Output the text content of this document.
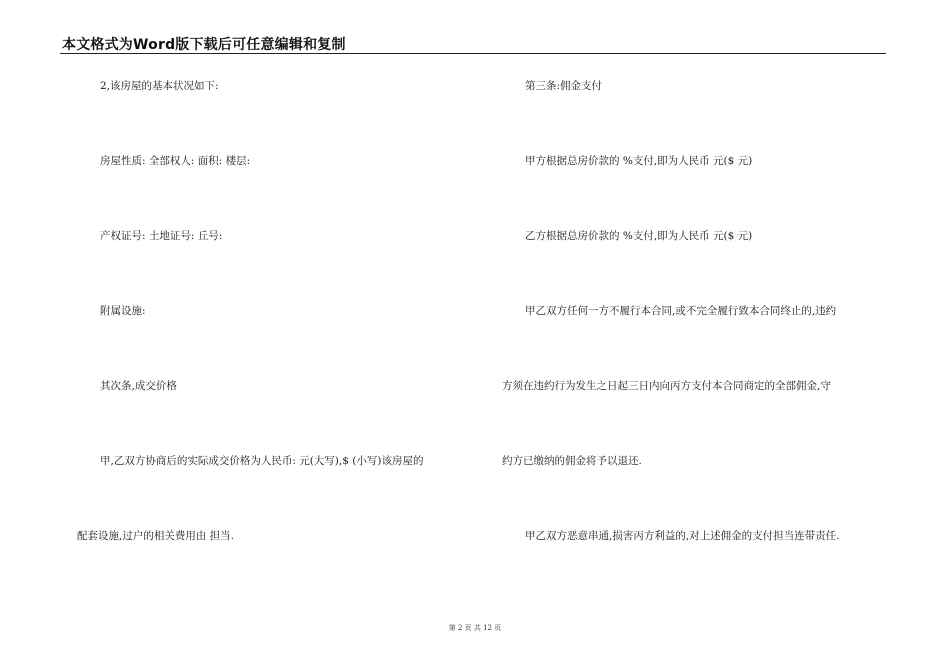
本文格式为Word版下载后可任意编辑和复制
2,该房屋的基本状况如下:
房屋性质: 全部权人: 面积: 楼层:
产权证号: 土地证号: 丘号:
附属设施:
其次条,成交价格
甲,乙双方协商后的实际成交价格为人民币: 元(大写),$ (小写)该房屋的
配套设施,过户的相关费用由 担当.
第三条:佣金支付
甲方根据总房价款的 %支付,即为人民币 元($ 元)
乙方根据总房价款的 %支付,即为人民币 元($ 元)
甲乙双方任何一方不履行本合同,或不完全履行致本合同终止的,违约
方须在违约行为发生之日起三日内向丙方支付本合同商定的全部佣金,守
约方已缴纳的佣金将予以退还.
甲乙双方恶意串通,损害丙方利益的,对上述佣金的支付担当连带责任.
第 2 页 共 12 页
